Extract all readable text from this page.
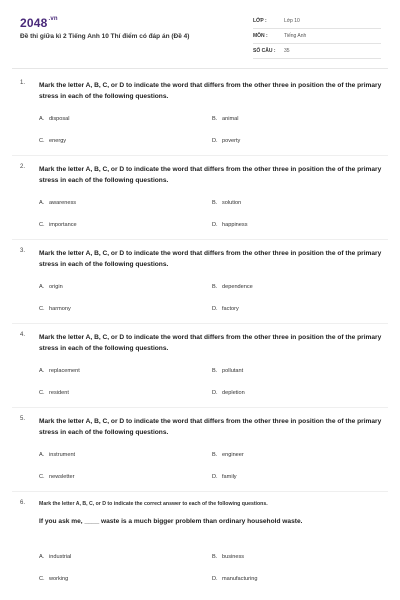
$2048^{.vn}$
Đề thi giữa kì 2 Tiếng Anh 10 Thí điểm có đáp án (Đề 4)
LỚP :	Lớp 10
MÔN :	Tiếng Anh
SỐ CÂU : 35
1. Mark the letter A, B, C, or D to indicate the word that differs from the other three in position the of the primary stress in each of the following questions.
A. disposal	B. animal
C. energy	D. poverty
2. Mark the letter A, B, C, or D to indicate the word that differs from the other three in position the of the primary stress in each of the following questions.
A. awareness	B. solution
C. importance	D. happiness
3. Mark the letter A, B, C, or D to indicate the word that differs from the other three in position the of the primary stress in each of the following questions.
A. origin	B. dependence
C. harmony	D. factory
4. Mark the letter A, B, C, or D to indicate the word that differs from the other three in position the of the primary stress in each of the following questions.
A. replacement	B. pollutant
C. resident	D. depletion
5. Mark the letter A, B, C, or D to indicate the word that differs from the other three in position the of the primary stress in each of the following questions.
A. instrument	B. engineer
C. newsletter	D. family
6.	Mark the letter A, B, C, or D to indicate the correct answer to each of the following questions.
If you ask me, ____ waste is a much bigger problem than ordinary household waste.
A. industrial	B. business
C. working	D. manufacturing
